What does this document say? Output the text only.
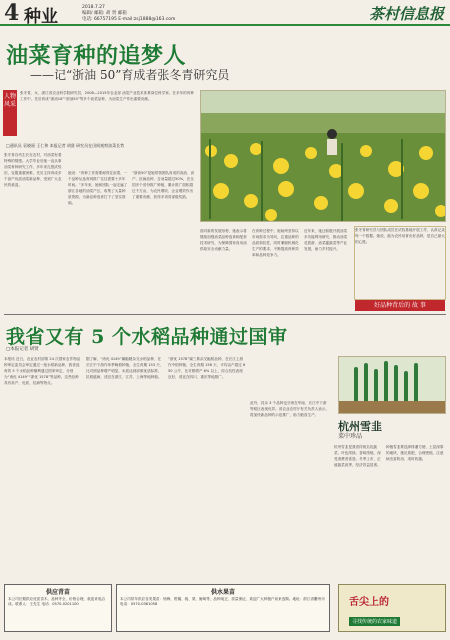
4 种业	2018.7.27
编辑/ 邮箱: 胡 贤 邮箱
电话: 66757195 E-mail:zsj1888@163.com	茶村信息报
油菜育种的追梦人
——记“浙油 50”育成者张冬青研究员
人物风采
张冬青，女，浙江省农业科学院研究员，2008—2015年农业部 油菜产业技术体系岗位科学家。在多年的育种工作中，先后育成“浙油18”“浙油50”等多个油菜品种，为油菜生产作出重要贡献。
□通讯员 袁晓丽 王仁和 本报记者 胡贤 研究员在田间观察油菜长势
张冬青自幼生长在农村，对油菜有着特殊的情感。大学毕业后她一直从事油菜育种研究工作，多年来扎根试验田，克服重重困难，先后主持育成多个高产优质油菜新品种，受到广大农民的欢迎。
她说：“育种工作需要耐得住寂寞，一个品种从选育到推广往往需要十多年时间。”多年来，她和团队一起走遍了浙江各地的油菜产区，收集了大量种质资源，为新品种选育打下了坚实基础。
“浙油50”是她带领团队育成的高油、高产、抗病品种，含油量超过50%，在全国多个省份推广种植，累计推广面积超过千万亩，为农民增收、企业增效作出了重要贡献，获得多项省部级奖励。
面对新的发展形势，她表示将继续加强油菜品种选育和配套技术研究，为保障国家食用油供给安全贡献力量。
在育种过程中，她始终坚持以市场需求为导向，注重品种的品质和抗性，同时兼顾机械化生产的要求，不断提高育种效率和品种竞争力。
近年来，她还积极开展油菜多功能利用研究，推动油菜花旅游、油菜薹蔬菜等产业发展，助力乡村振兴。
张冬青研究员与团队成员在试验基地开展工作，认真记录每一个数据。她说，能为农民培育出好品种，是自己最大的心愿。
好品种背后的 故 事
我省又有 5 个水稻品种通过国审
□本报记者 胡贤
本报讯 近日，农业农村部第 24 次国家农作物品种审定委员会审定通过一批水稻新品种，我省选育的 5 个水稻品种顺利通过国家审定，分别为“甬优 4149”“浙优 1578”等品种。这些品种具有高产、优质、抗病等特点。
据了解，“甬优 4149”属籼粳杂交水稻品种，在长江中下游作单季晚稻种植，全生育期 153 天，比对照品种增产明显，米质达到部颁优质标准，抗稻瘟病，适宜在浙江、江苏、上海等地种植。
“浙优 1578”属三系杂交籼稻品种，在长江上游作中稻种植，全生育期 158 天，平均亩产超过 650 公斤，比对照增产 6% 以上，综合抗性表现良好，适宜在四川、重庆等地推广。
此外，其余 3 个品种也分别在华南、长江中下游等稻区表现优异。省农业农村厅有关负责人表示，将加快新品种的示范推广，助力粮食生产。
杭州雪韭
菜中珍品
杭州雪韭是我省传统名优蔬菜，叶色浓绿，香味浓郁，深受消费者喜爱。冬季上市，正值蔬菜淡季，经济效益显著。
种植雪韭要选择排灌方便、土层深厚的地块，施足基肥，合理密植，注意病虫害防治，适时收割。
供应青苗
本公司长期供应优质苗木，品种齐全，价格合理，欢迎来电洽谈。联系人：王先生 电话：0570-0201100
供水果苗
本公司常年供应各类果苗：杨梅、柑橘、桃、梨、葡萄等，品种纯正，质量保证，欢迎广大种植户前来选购。地址：浙江省衢州市 电话：0570-0361058	舌尖上的
寻找传统的农家味道
